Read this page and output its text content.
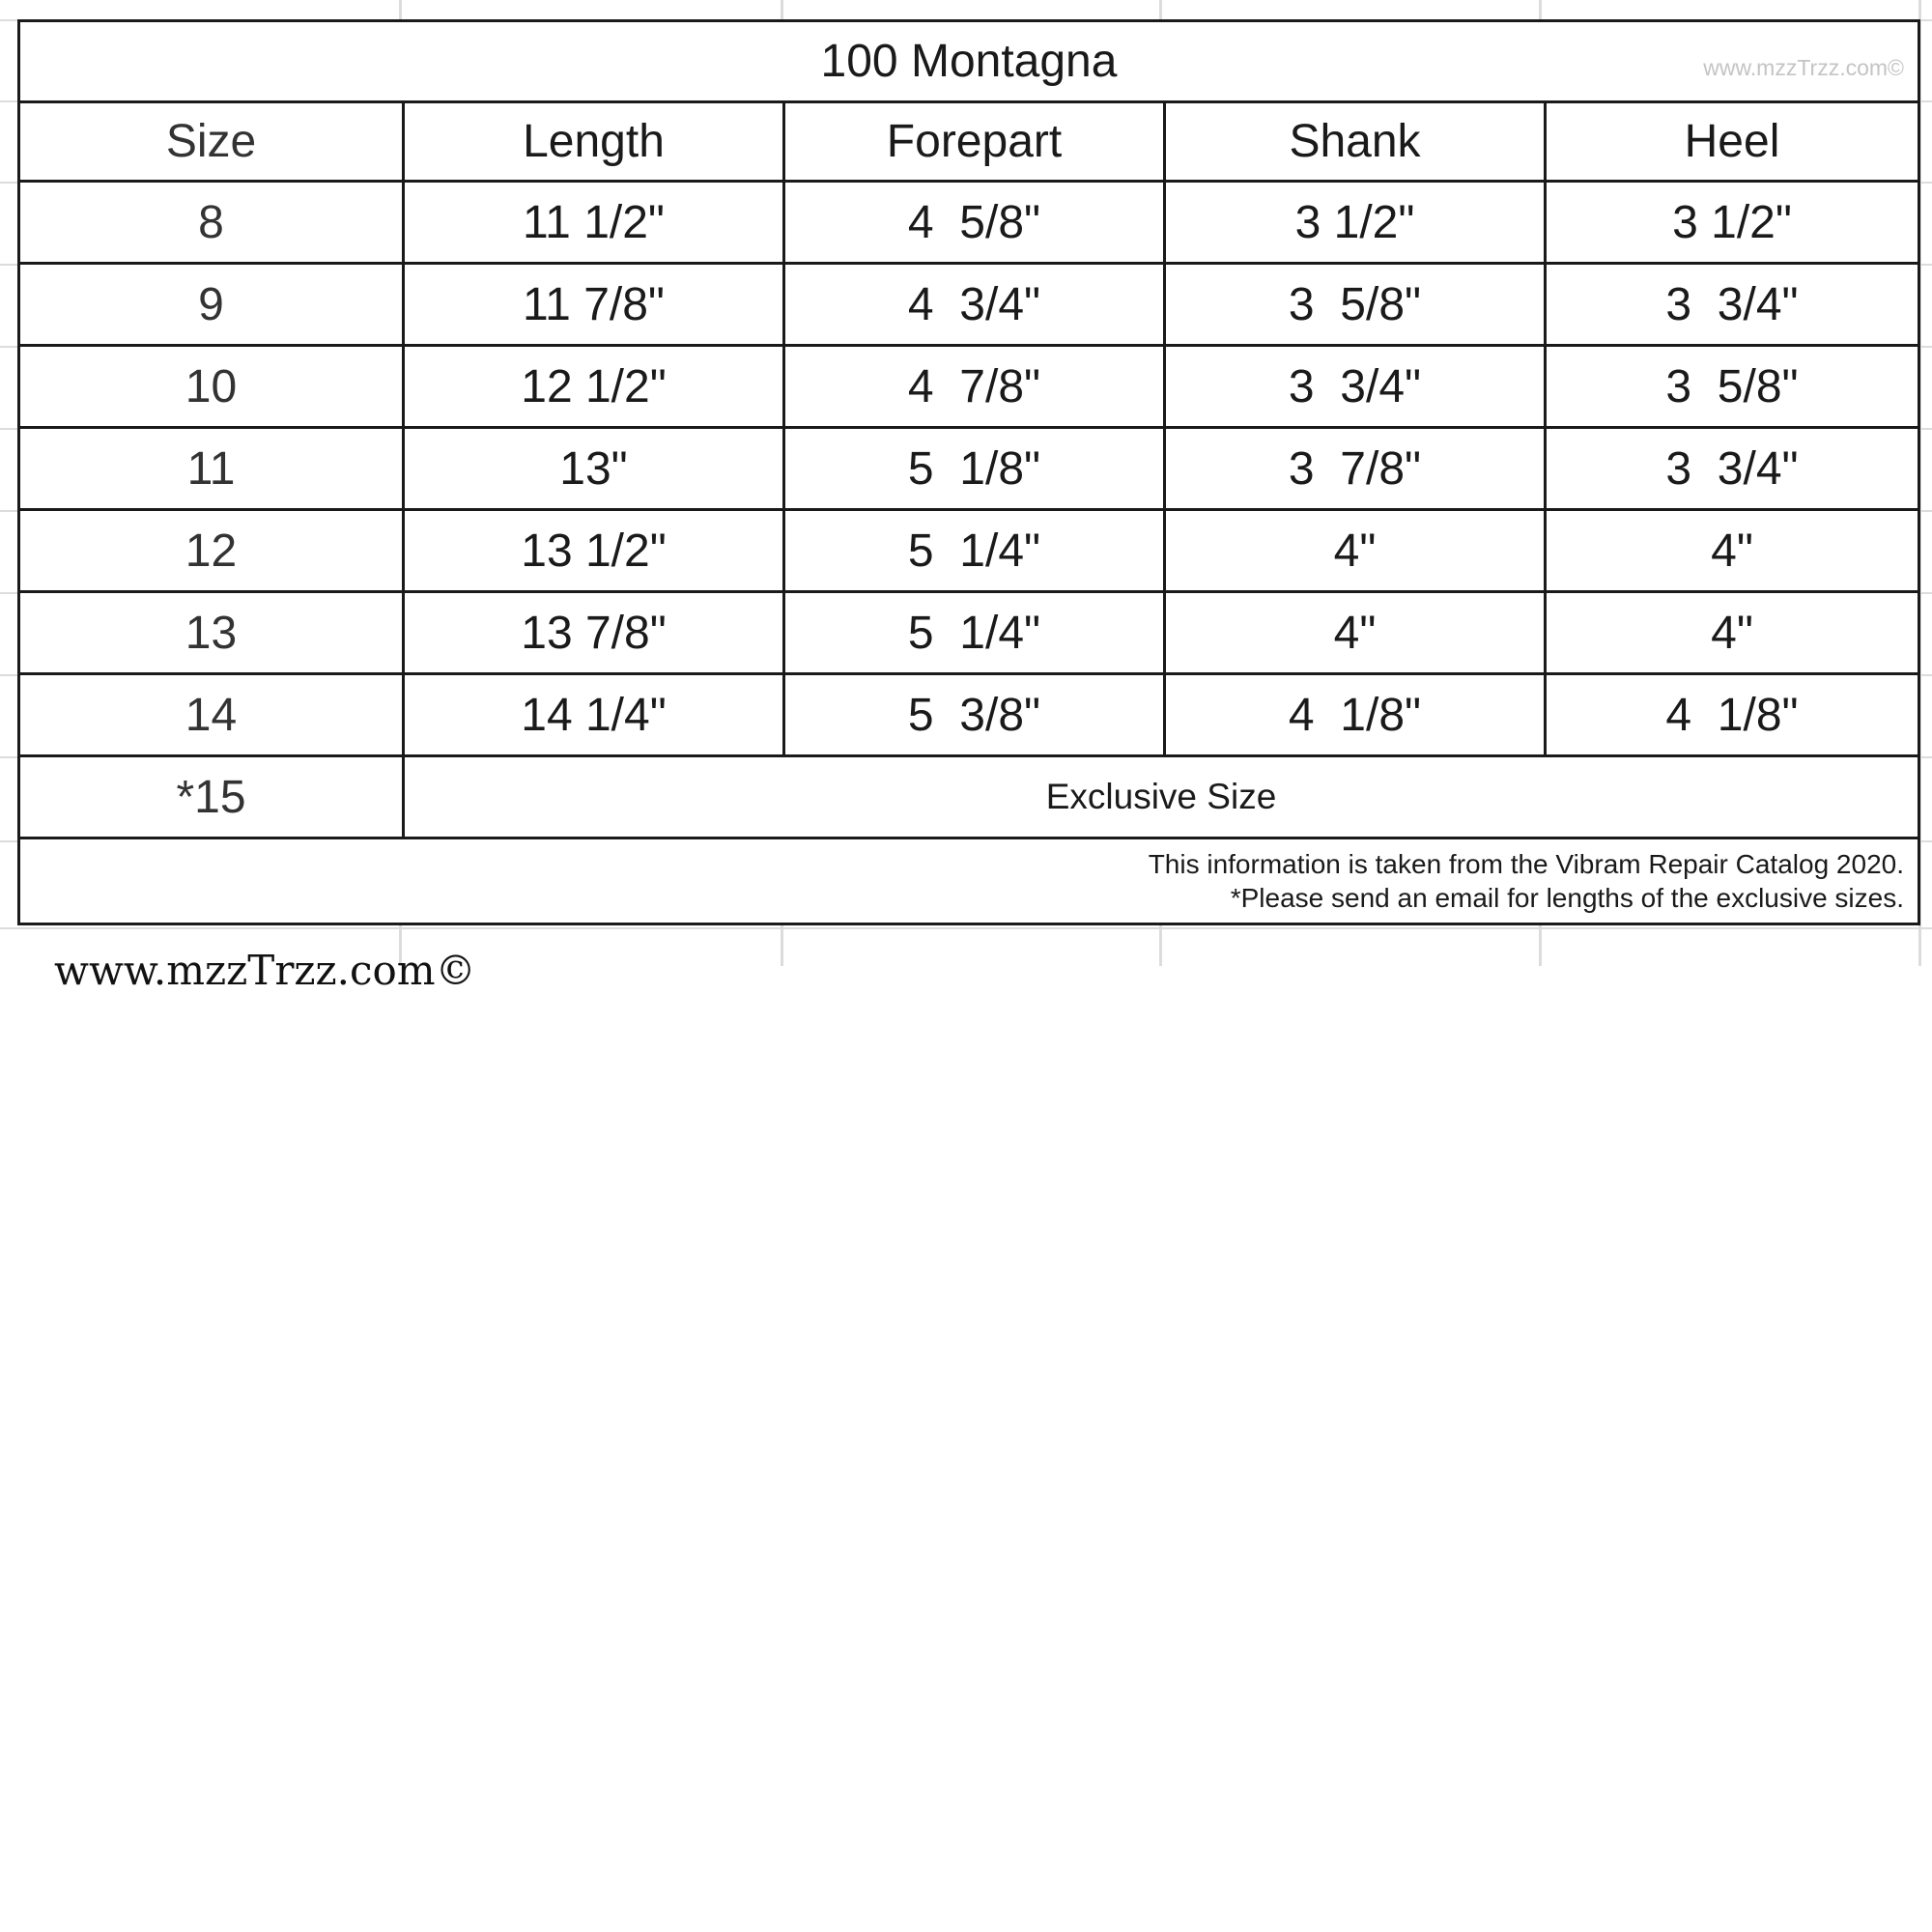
100 Montagna	www.mzzTrzz.com©
Size	Length	Forepart	Shank	Heel
8	11 1/2"	4  5/8"	3 1/2"	3 1/2"
9	11 7/8"	4  3/4"	3  5/8"	3  3/4"
10	12 1/2"	4  7/8"	3  3/4"	3  5/8"
11	13"	5  1/8"	3  7/8"	3  3/4"
12	13 1/2"	5  1/4"	4"	4"
13	13 7/8"	5  1/4"	4"	4"
14	14 1/4"	5  3/8"	4  1/8"	4  1/8"
*15	Exclusive Size
This information is taken from the Vibram Repair Catalog 2020.
*Please send an email for lengths of the exclusive sizes.
www.mzzTrzz.com©
